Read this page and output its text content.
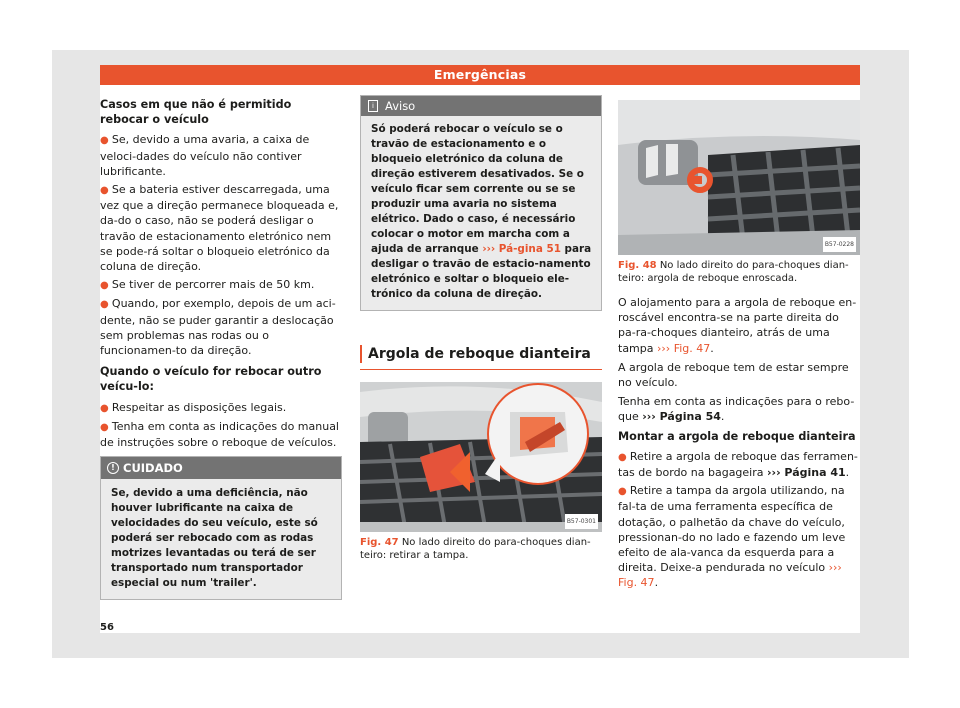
Emergências

Casos em que não é permitido rebocar o veículo

● Se, devido a uma avaria, a caixa de veloci-dades do veículo não contiver lubrificante.

● Se a bateria estiver descarregada, uma vez que a direção permanece bloqueada e, da-do o caso, não se poderá desligar o travão de estacionamento eletrónico nem se pode-rá soltar o bloqueio eletrónico da coluna de direção.

● Se tiver de percorrer mais de 50 km.

● Quando, por exemplo, depois de um aci-dente, não se puder garantir a deslocação sem problemas nas rodas ou o funcionamen-to da direção.

Quando o veículo for rebocar outro veícu-lo:

● Respeitar as disposições legais.

● Tenha em conta as indicações do manual de instruções sobre o reboque de veículos.

! CUIDADO
Se, devido a uma deficiência, não houver lubrificante na caixa de velocidades do seu veículo, este só poderá ser rebocado com as rodas motrizes levantadas ou terá de ser transportado num transportador especial ou num 'trailer'.
i Aviso
Só poderá rebocar o veículo se o travão de estacionamento e o bloqueio eletrónico da coluna de direção estiverem desativados. Se o veículo ficar sem corrente ou se se produzir uma avaria no sistema elétrico. Dado o caso, é necessário colocar o motor em marcha com a ajuda de arranque ››› Pá-gina 51 para desligar o travão de estacio-namento eletrónico e soltar o bloqueio ele-trónico da coluna de direção.
Argola de reboque dianteira
B57-0301
Fig. 47 No lado direito do para-choques dian-teiro: retirar a tampa.
B57-0228
Fig. 48 No lado direito do para-choques dian-teiro: argola de reboque enroscada.

O alojamento para a argola de reboque en-roscável encontra-se na parte direita do pa-ra-choques dianteiro, atrás de uma tampa ››› Fig. 47.

A argola de reboque tem de estar sempre no veículo.

Tenha em conta as indicações para o rebo-que ››› Página 54.

Montar a argola de reboque dianteira

● Retire a argola de reboque das ferramen-tas de bordo na bagageira ››› Página 41.

● Retire a tampa da argola utilizando, na fal-ta de uma ferramenta específica de dotação, o palhetão da chave do veículo, pressionan-do no lado e fazendo um leve efeito de ala-vanca da esquerda para a direita. Deixe-a pendurada no veículo ››› Fig. 47.

56
